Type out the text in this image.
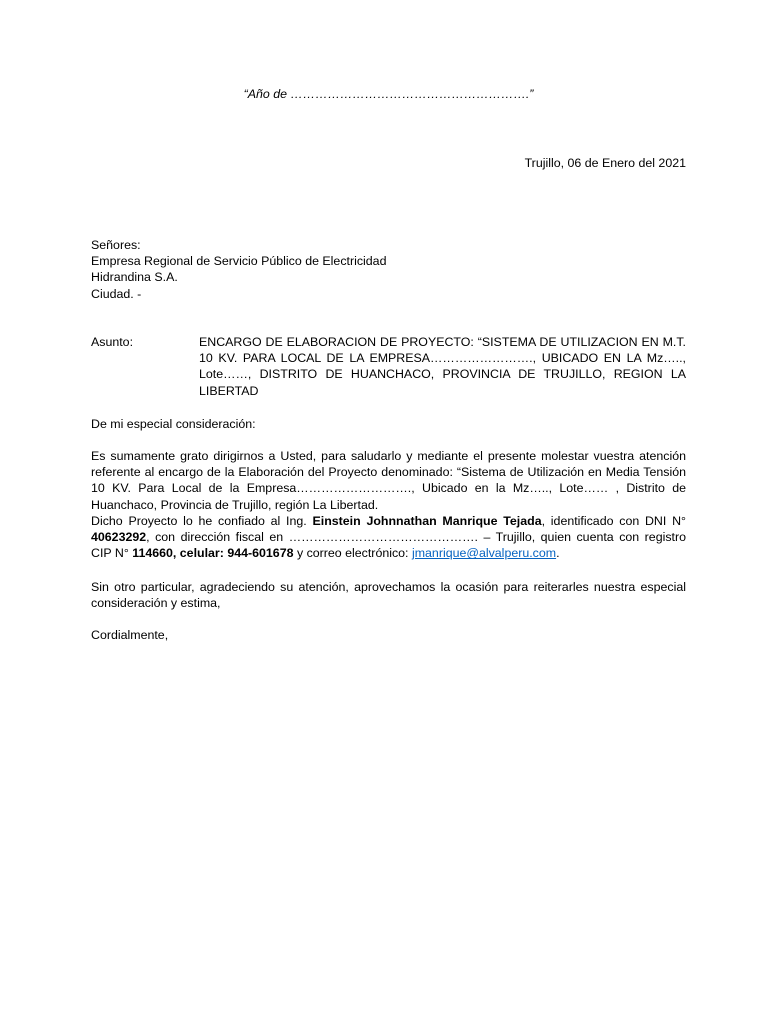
“Año de ………………………………………………….”
Trujillo, 06 de Enero del 2021
Señores:
Empresa Regional de Servicio Público de Electricidad
Hidrandina S.A.
Ciudad. -
Asunto:	ENCARGO DE ELABORACION DE PROYECTO: “SISTEMA DE UTILIZACION EN M.T. 10 KV. PARA LOCAL DE LA EMPRESA……………………., UBICADO EN LA Mz….., Lote……, DISTRITO DE HUANCHACO, PROVINCIA DE TRUJILLO, REGION LA LIBERTAD
De mi especial consideración:
Es sumamente grato dirigirnos a Usted, para saludarlo y mediante el presente molestar vuestra atención referente al encargo de la Elaboración del Proyecto denominado: “Sistema de Utilización en Media Tensión 10 KV. Para Local de la Empresa………………………., Ubicado en la Mz….., Lote…… , Distrito de Huanchaco, Provincia de Trujillo, región La Libertad.
Dicho Proyecto lo he confiado al Ing. Einstein Johnnathan Manrique Tejada, identificado con DNI N° 40623292, con dirección fiscal en ………………………………………. – Trujillo, quien cuenta con registro CIP N° 114660, celular: 944-601678 y correo electrónico: jmanrique@alvalperu.com.
Sin otro particular, agradeciendo su atención, aprovechamos la ocasión para reiterarles nuestra especial consideración y estima,
Cordialmente,
